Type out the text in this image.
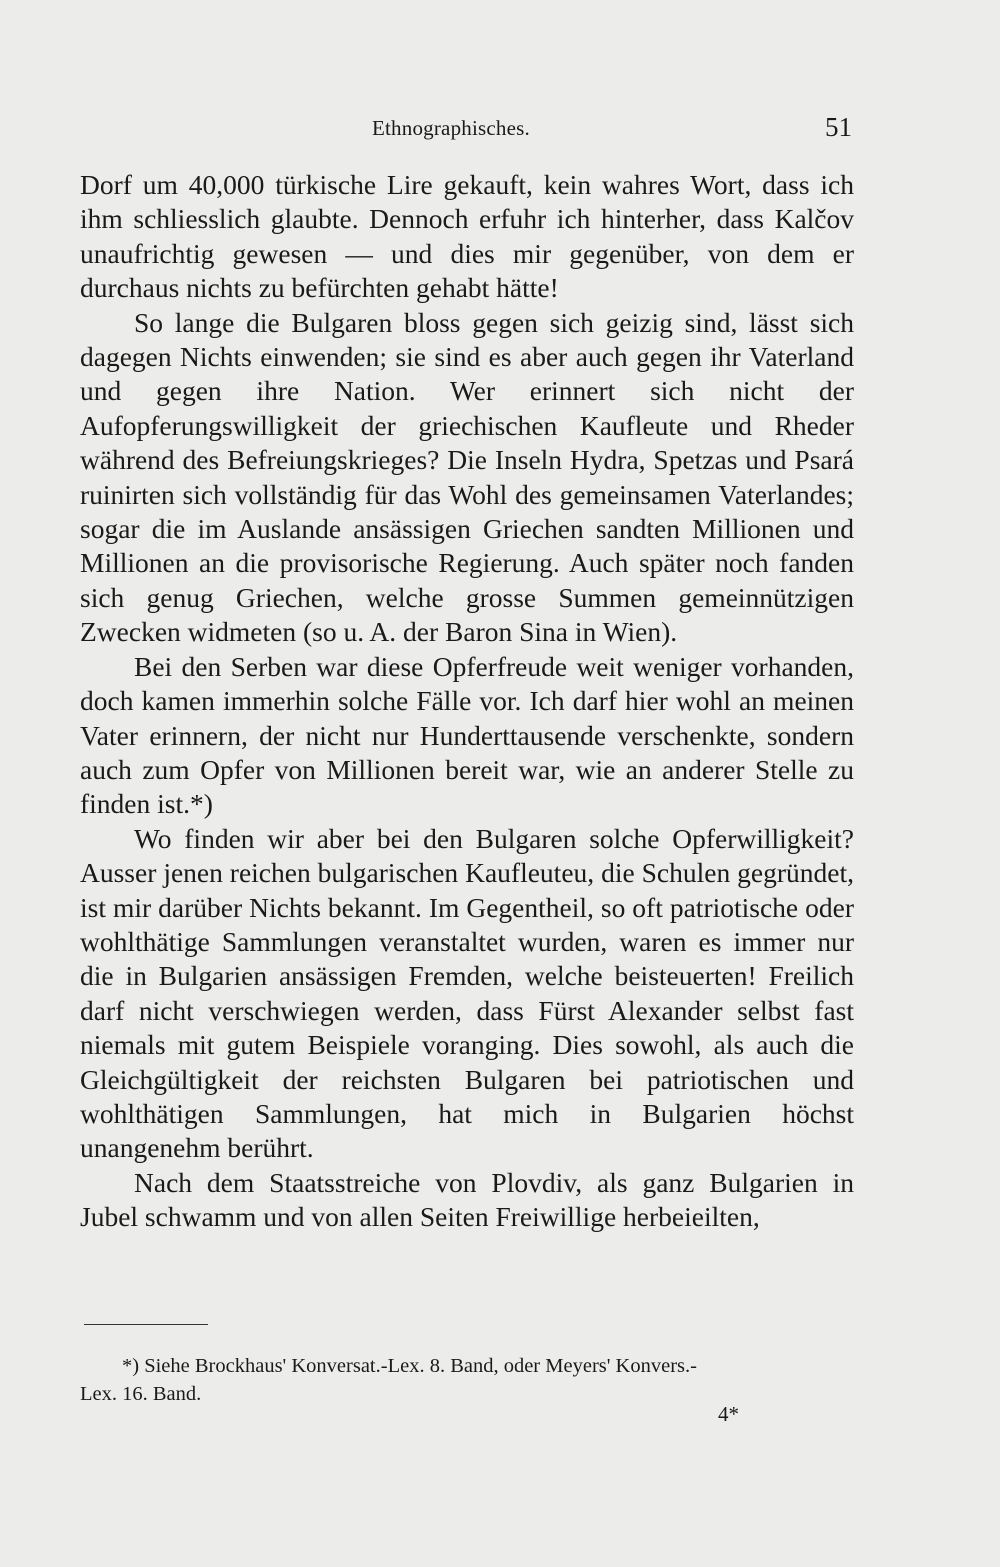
Ethnographisches.	51

Dorf um 40,000 türkische Lire gekauft, kein wahres Wort, dass ich ihm schliesslich glaubte. Dennoch erfuhr ich hinterher, dass Kalčov unaufrichtig gewesen — und dies mir gegenüber, von dem er durchaus nichts zu befürchten gehabt hätte!

So lange die Bulgaren bloss gegen sich geizig sind, lässt sich dagegen Nichts einwenden; sie sind es aber auch gegen ihr Vaterland und gegen ihre Nation. Wer erinnert sich nicht der Aufopferungswilligkeit der griechischen Kaufleute und Rheder während des Befreiungskrieges? Die Inseln Hydra, Spetzas und Psará ruinirten sich vollständig für das Wohl des gemeinsamen Vaterlandes; sogar die im Auslande ansässigen Griechen sandten Millionen und Millionen an die provisorische Regierung. Auch später noch fanden sich genug Griechen, welche grosse Summen gemeinnützigen Zwecken widmeten (so u. A. der Baron Sina in Wien).

Bei den Serben war diese Opferfreude weit weniger vorhanden, doch kamen immerhin solche Fälle vor. Ich darf hier wohl an meinen Vater erinnern, der nicht nur Hunderttausende verschenkte, sondern auch zum Opfer von Millionen bereit war, wie an anderer Stelle zu finden ist.*)

Wo finden wir aber bei den Bulgaren solche Opferwilligkeit? Ausser jenen reichen bulgarischen Kaufleuteu, die Schulen gegründet, ist mir darüber Nichts bekannt. Im Gegentheil, so oft patriotische oder wohlthätige Sammlungen veranstaltet wurden, waren es immer nur die in Bulgarien ansässigen Fremden, welche beisteuerten! Freilich darf nicht verschwiegen werden, dass Fürst Alexander selbst fast niemals mit gutem Beispiele voranging. Dies sowohl, als auch die Gleichgültigkeit der reichsten Bulgaren bei patriotischen und wohlthätigen Sammlungen, hat mich in Bulgarien höchst unangenehm berührt.

Nach dem Staatsstreiche von Plovdiv, als ganz Bulgarien in Jubel schwamm und von allen Seiten Freiwillige herbeieilten,

*) Siehe Brockhaus' Konversat.-Lex. 8. Band, oder Meyers' Konvers.-
Lex. 16. Band.
4*
